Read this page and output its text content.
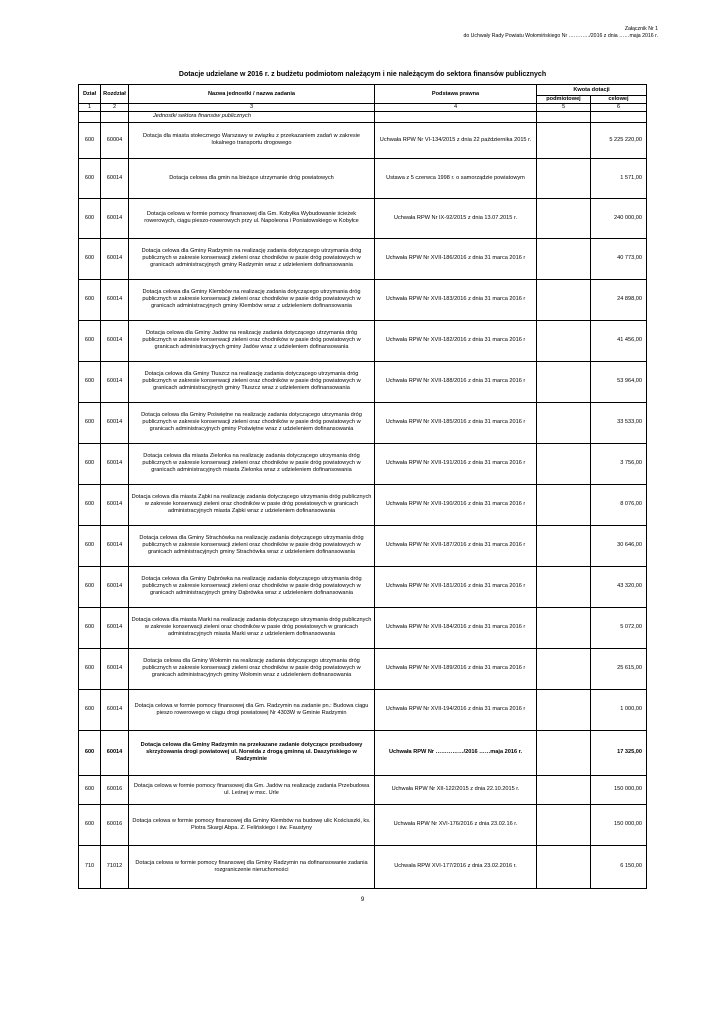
Załącznik Nr 1
do Uchwały Rady Powiatu Wołomińskiego Nr …………/2016 z dnia ……maja 2016 r.
Dotacje udzielane w 2016 r. z budżetu podmiotom należącym i nie należącym do sektora finansów publicznych
Dział	Rozdział	Nazwa jednostki / nazwa zadania	Podstawa prawna	Kwota dotacji	
				podmiotowej	celowej
1	2	3	4	5	6
		Jednostki sektora finansów publicznych			
600	60004	Dotacja dla miasta stołecznego Warszawy w związku z przekazaniem zadań w zakresie lokalnego transportu drogowego	Uchwała RPW Nr VI-134/2015 z dnia 22 października 2015 r.		5 225 220,00
600	60014	Dotacja celowa dla gmin na bieżące utrzymanie dróg powiatowych	Ustawa z 5 czerwca 1998 r. o samorządzie powiatowym		1 571,00
600	60014	Dotacja celowa w formie pomocy finansowej dla Gm. Kobyłka Wybudowanie ścieżek rowerowych, ciągu pieszo-rowerowych przy ul. Napoleona i Poniatowskiego w Kobyłce	Uchwała RPW Nr IX-92/2015 z dnia 13.07.2015 r.		240 000,00
600	60014	Dotacja celowa dla Gminy Radzymin na realizację zadania dotyczącego utrzymania dróg publicznych w zakresie konserwacji zieleni oraz chodników w pasie dróg powiatowych w granicach administracyjnych gminy Radzymin wraz z udzieleniem dofinansowania	Uchwała RPW Nr XVII-186/2016 z dnia 31 marca 2016 r		40 773,00
600	60014	Dotacja celowa dla Gminy Klembów na realizację zadania dotyczącego utrzymania dróg publicznych w zakresie konserwacji zieleni oraz chodników w pasie dróg powiatowych w granicach administracyjnych gminy Klembów wraz z udzieleniem dofinansowania	Uchwała RPW Nr XVII-183/2016 z dnia 31 marca 2016 r		24 898,00
600	60014	Dotacja celowa dla Gminy Jadów na realizację zadania dotyczącego utrzymania dróg publicznych w zakresie konserwacji zieleni oraz chodników w pasie dróg powiatowych w granicach administracyjnych gminy Jadów wraz z udzieleniem dofinansowania	Uchwała RPW Nr XVII-182/2016 z dnia 31 marca 2016 r		41 456,00
600	60014	Dotacja celowa dla Gminy Tłuszcz na realizację zadania dotyczącego utrzymania dróg publicznych w zakresie konserwacji zieleni oraz chodników w pasie dróg powiatowych w granicach administracyjnych gminy Tłuszcz wraz z udzieleniem dofinansowania	Uchwała RPW Nr XVII-188/2016 z dnia 31 marca 2016 r		53 964,00
600	60014	Dotacja celowa dla Gminy Poświętne na realizację zadania dotyczącego utrzymania dróg publicznych w zakresie konserwacji zieleni oraz chodników w pasie dróg powiatowych w granicach administracyjnych gminy Poświętne wraz z udzieleniem dofinansowania	Uchwała RPW Nr XVII-185/2016 z dnia 31 marca 2016 r		33 533,00
600	60014	Dotacja celowa dla miasta Zielonka na realizację zadania dotyczącego utrzymania dróg publicznych w zakresie konserwacji zieleni oraz chodników w pasie dróg powiatowych w granicach administracyjnych miasta Zielonka wraz z udzieleniem dofinansowania	Uchwała RPW Nr XVII-191/2016 z dnia 31 marca 2016 r		3 756,00
600	60014	Dotacja celowa dla miasta Ząbki na realizację zadania dotyczącego utrzymania dróg publicznych w zakresie konserwacji zieleni oraz chodników w pasie dróg powiatowych w granicach administracyjnych miasta Ząbki wraz z udzieleniem dofinansowania	Uchwała RPW Nr XVII-190/2016 z dnia 31 marca 2016 r		8 076,00
600	60014	Dotacja celowa dla Gminy Strachówka na realizację zadania dotyczącego utrzymania dróg publicznych w zakresie konserwacji zieleni oraz chodników w pasie dróg powiatowych w granicach administracyjnych gminy Strachówka wraz z udzieleniem dofinansowania	Uchwała RPW Nr XVII-187/2016 z dnia 31 marca 2016 r		30 646,00
600	60014	Dotacja celowa dla Gminy Dąbrówka na realizację zadania dotyczącego utrzymania dróg publicznych w zakresie konserwacji zieleni oraz chodników w pasie dróg powiatowych w granicach administracyjnych gminy Dąbrówka wraz z udzieleniem dofinansowania	Uchwała RPW Nr XVII-181/2016 z dnia 31 marca 2016 r		43 320,00
600	60014	Dotacja celowa dla miasta Marki na realizację zadania dotyczącego utrzymania dróg publicznych w zakresie konserwacji zieleni oraz chodników w pasie dróg powiatowych w granicach administracyjnych miasta Marki wraz z udzieleniem dofinansowania	Uchwała RPW Nr XVII-184/2016 z dnia 31 marca 2016 r		5 072,00
600	60014	Dotacja celowa dla Gminy Wołomin na realizację zadania dotyczącego utrzymania dróg publicznych w zakresie konserwacji zieleni oraz chodników w pasie dróg powiatowych w granicach administracyjnych gminy Wołomin wraz z udzieleniem dofinansowania	Uchwała RPW Nr XVII-189/2016 z dnia 31 marca 2016 r		25 615,00
600	60014	Dotacja celowa w formie pomocy finansowej dla Gm. Radzymin na zadanie pn.: Budowa ciągu pieszo rowerowego w ciągu drogi powiatowej Nr 4303W w Gminie Radzymin	Uchwała RPW Nr XVII-194/2016 z dnia 31 marca 2016 r		1 000,00
600	60014	Dotacja celowa dla Gminy Radzymin na przekazane zadanie dotyczące przebudowy skrzyżowania drogi powiatowej ul. Norwida z drogą gminną ul. Daszyńskiego w Radzyminie	Uchwała RPW Nr ……………/2016 ……maja 2016 r.		17 325,00
600	60016	Dotacja celowa w formie pomocy finansowej dla Gm. Jadów na realizację zadania Przebudowa ul. Leśnej w msc. Urle	Uchwała RPW Nr XII-122/2015 z dnia 22.10.2015 r.		150 000,00
600	60016	Dotacja celowa w formie pomocy finansowej dla Gminy Klembów na budowę ulic Kościuszki, ks. Piotra Skargi Abpa. Z. Felińskiego i św. Faustyny	Uchwała RPW Nr XVI-176/2016 z dnia 23.02.16 r.		150 000,00
710	71012	Dotacja celowa w formie pomocy finansowej dla Gminy Radzymin na dofinansowanie zadania rozgraniczenie nieruchomości	Uchwała RPW XVI-177/2016 z dnia 23.02.2016 r.		6 150,00
9
